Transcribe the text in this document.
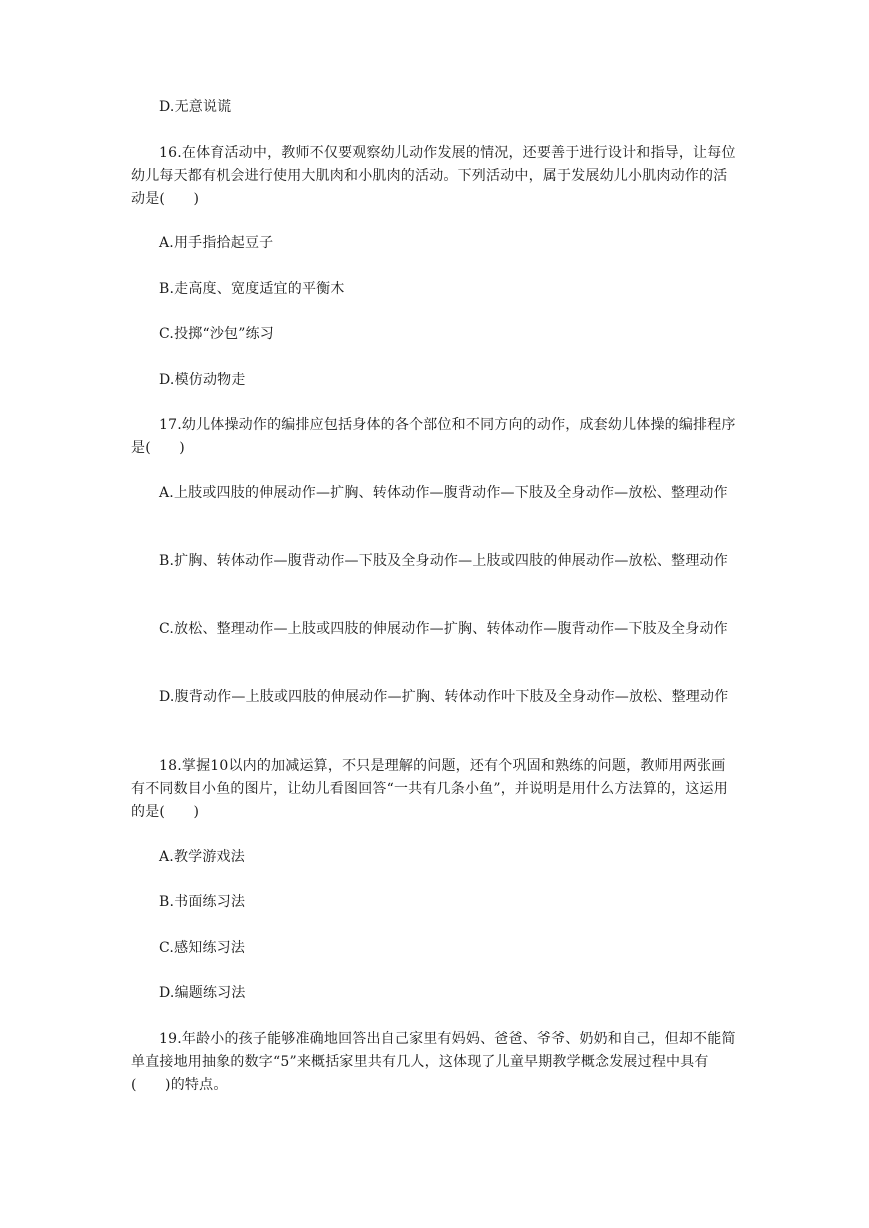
D.无意说谎

16.在体育活动中，教师不仅要观察幼儿动作发展的情况，还要善于进行设计和指导，让每位幼儿每天都有机会进行使用大肌肉和小肌肉的活动。下列活动中，属于发展幼儿小肌肉动作的活动是(　　)

A.用手指拾起豆子

B.走高度、宽度适宜的平衡木

C.投掷“沙包”练习

D.模仿动物走

17.幼儿体操动作的编排应包括身体的各个部位和不同方向的动作，成套幼儿体操的编排程序是(　　)

A.上肢或四肢的伸展动作—扩胸、转体动作—腹背动作—下肢及全身动作—放松、整理动作

B.扩胸、转体动作—腹背动作—下肢及全身动作—上肢或四肢的伸展动作—放松、整理动作

C.放松、整理动作—上肢或四肢的伸展动作—扩胸、转体动作—腹背动作—下肢及全身动作

D.腹背动作—上肢或四肢的伸展动作—扩胸、转体动作叶下肢及全身动作—放松、整理动作

18.掌握10以内的加减运算，不只是理解的问题，还有个巩固和熟练的问题，教师用两张画有不同数目小鱼的图片，让幼儿看图回答“一共有几条小鱼”，并说明是用什么方法算的，这运用的是(　　)

A.教学游戏法

B.书面练习法

C.感知练习法

D.编题练习法

19.年龄小的孩子能够准确地回答出自己家里有妈妈、爸爸、爷爷、奶奶和自己，但却不能简单直接地用抽象的数字“5”来概括家里共有几人，这体现了儿童早期教学概念发展过程中具有(　　)的特点。
